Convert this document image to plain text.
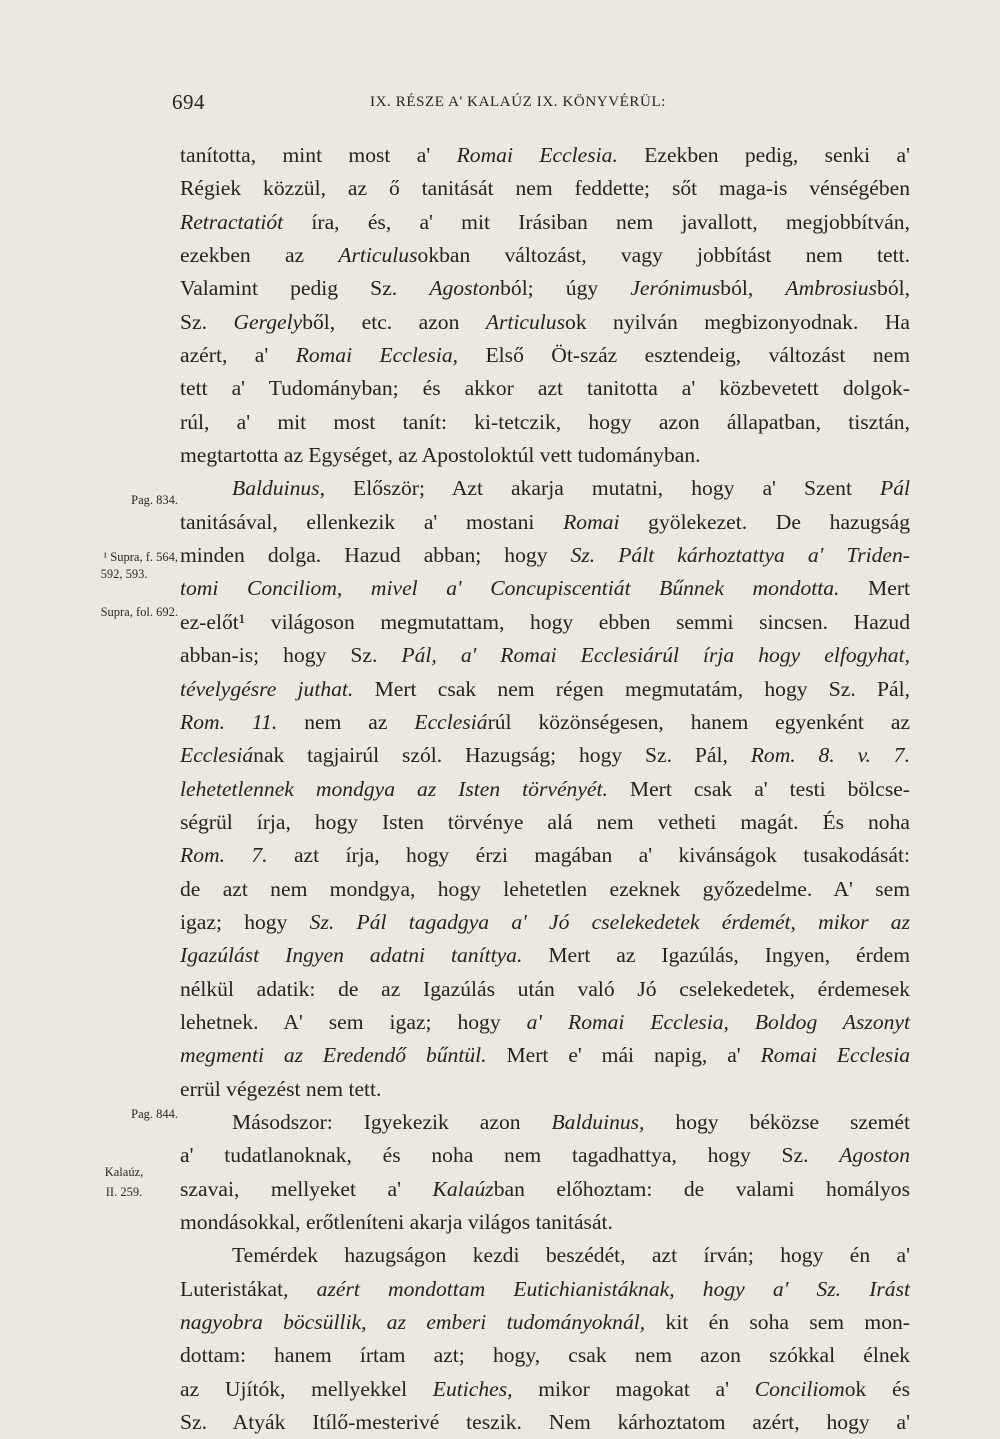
694	IX. RÉSZE A' KALAÚZ IX. KÖNYVÉRÜL:
Pag. 834.
¹ Supra, f. 564,
592, 593.
Supra, fol. 692.
Pag. 844.
Kalaúz,
II. 259.
tanította, mint most a' Romai Ecclesia. Ezekben pedig, senki a'
Régiek közzül, az ő tanitását nem feddette; sőt maga-is vénségében
Retractatiót íra, és, a' mit Irásiban nem javallott, megjobbítván,
ezekben az Articulusokban változást, vagy jobbítást nem tett.
Valamint pedig Sz. Agostonból; úgy Jerónimusból, Ambrosiusból,
Sz. Gergelyből, etc. azon Articulusok nyilván megbizonyodnak. Ha
azért, a' Romai Ecclesia, Első Öt-száz esztendeig, változást nem
tett a' Tudományban; és akkor azt tanitotta a' közbevetett dolgok-
rúl, a' mit most tanít: ki-tetczik, hogy azon állapatban, tisztán,
megtartotta az Egységet, az Apostoloktúl vett tudományban.
Balduinus, Először; Azt akarja mutatni, hogy a' Szent Pál
tanitásával, ellenkezik a' mostani Romai gyölekezet. De hazugság
minden dolga. Hazud abban; hogy Sz. Pált kárhoztattya a' Triden-
tomi Conciliom, mivel a' Concupiscentiát Bűnnek mondotta. Mert
ez-előt¹ világoson megmutattam, hogy ebben semmi sincsen. Hazud
abban-is; hogy Sz. Pál, a' Romai Ecclesiárúl írja hogy elfogyhat,
tévelygésre juthat. Mert csak nem régen megmutatám, hogy Sz. Pál,
Rom. 11. nem az Ecclesiárúl közönségesen, hanem egyenként az
Ecclesiának tagjairúl szól. Hazugság; hogy Sz. Pál, Rom. 8. v. 7.
lehetetlennek mondgya az Isten törvényét. Mert csak a' testi bölcse-
ségrül írja, hogy Isten törvénye alá nem vetheti magát. És noha
Rom. 7. azt írja, hogy érzi magában a' kivánságok tusakodását:
de azt nem mondgya, hogy lehetetlen ezeknek győzedelme. A' sem
igaz; hogy Sz. Pál tagadgya a' Jó cselekedetek érdemét, mikor az
Igazúlást Ingyen adatni taníttya. Mert az Igazúlás, Ingyen, érdem
nélkül adatik: de az Igazúlás után való Jó cselekedetek, érdemesek
lehetnek. A' sem igaz; hogy a' Romai Ecclesia, Boldog Aszonyt
megmenti az Eredendő bűntül. Mert e' mái napig, a' Romai Ecclesia
errül végezést nem tett.
Másodszor: Igyekezik azon Balduinus, hogy béközse szemét
a' tudatlanoknak, és noha nem tagadhattya, hogy Sz. Agoston
szavai, mellyeket a' Kalaúzban előhoztam: de valami homályos
mondásokkal, erőtleníteni akarja világos tanitását.
Temérdek hazugságon kezdi beszédét, azt írván; hogy én a'
Luteristákat, azért mondottam Eutichianistáknak, hogy a' Sz. Irást
nagyobra böcsüllik, az emberi tudományoknál, kit én soha sem mon-
dottam: hanem írtam azt; hogy, csak nem azon szókkal élnek
az Ujítók, mellyekkel Eutiches, mikor magokat a' Conciliomok és
Sz. Atyák Itílő-mesterivé teszik. Nem kárhoztatom azért, hogy a'
